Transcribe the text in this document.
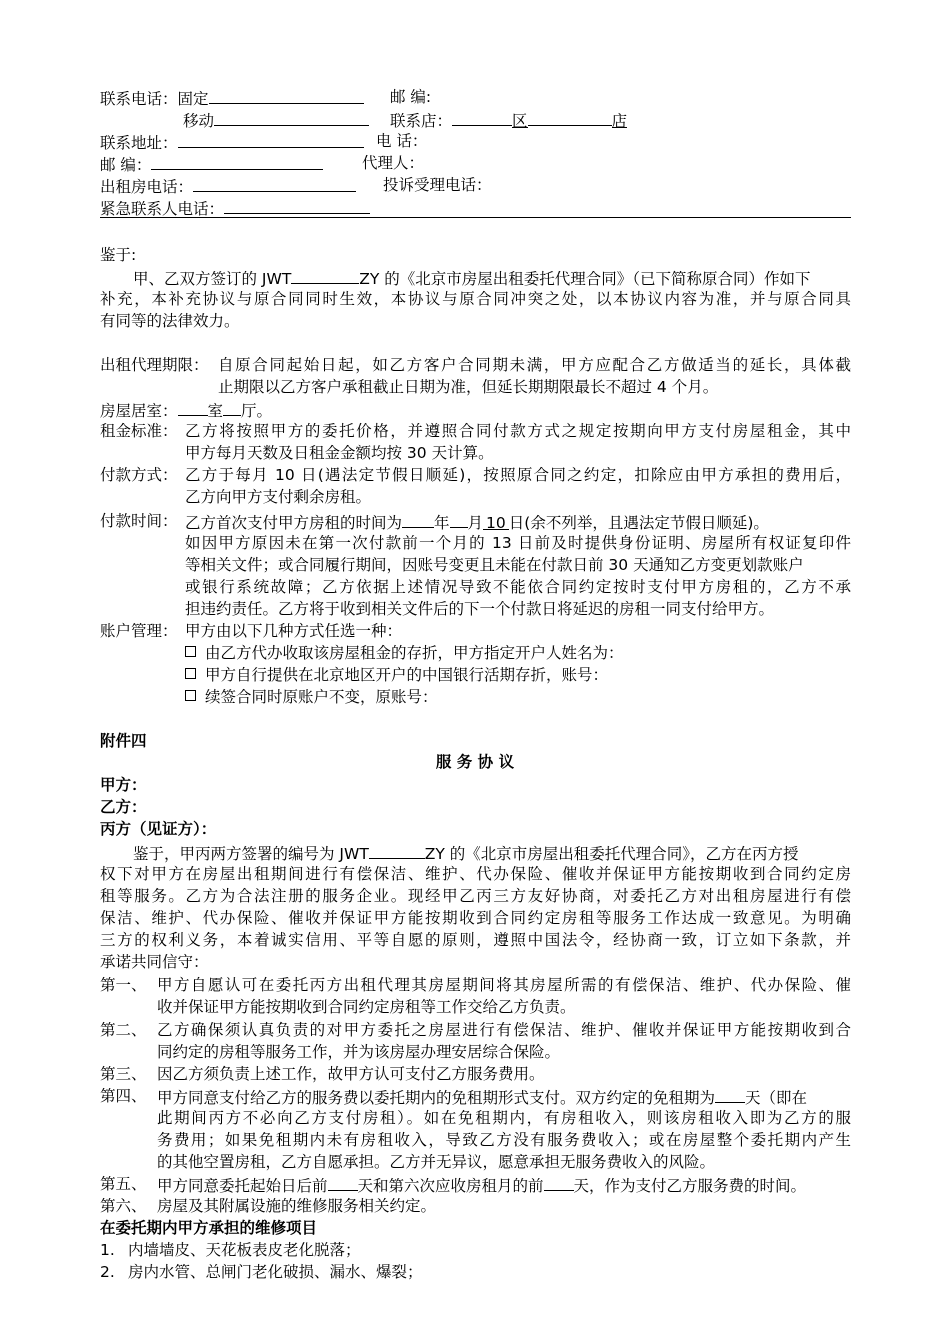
联系电话：固定	邮 编:
移动	联系店：	区	店
联系地址：	电 话：
邮 编：	代理人：
出租房电话：	投诉受理电话：
紧急联系人电话：
鉴于:
甲、乙双方签订的 JWT	ZY 的《北京市房屋出租委托代理合同》（已下简称原合同）作如下
补充，本补充协议与原合同同时生效，本协议与原合同冲突之处，以本协议内容为准，并与原合同具
有同等的法律效力。
出租代理期限： 自原合同起始日起，如乙方客户合同期未满，甲方应配合乙方做适当的延长，具体截
止期限以乙方客户承租截止日期为准，但延长期期限最长不超过 4 个月。
房屋居室： 室 厅。
租金标准： 乙方将按照甲方的委托价格，并遵照合同付款方式之规定按期向甲方支付房屋租金，其中
甲方每月天数及日租金金额均按 30 天计算。
付款方式： 乙方于每月 10 日(遇法定节假日顺延)，按照原合同之约定，扣除应由甲方承担的费用后，
乙方向甲方支付剩余房租。
付款时间： 乙方首次支付甲方房租的时间为 年 月 10 日(余不列举，且遇法定节假日顺延)。
如因甲方原因未在第一次付款前一个月的 13 日前及时提供身份证明、房屋所有权证复印件
等相关文件；或合同履行期间，因账号变更且未能在付款日前 30 天通知乙方变更划款账户
或银行系统故障；乙方依据上述情况导致不能依合同约定按时支付甲方房租的，乙方不承
担违约责任。乙方将于收到相关文件后的下一个付款日将延迟的房租一同支付给甲方。
账户管理： 甲方由以下几种方式任选一种：
由乙方代办收取该房屋租金的存折，甲方指定开户人姓名为：
甲方自行提供在北京地区开户的中国银行活期存折，账号：
续签合同时原账户不变，原账号：
附件四
服 务 协 议
甲方：
乙方：
丙方（见证方）：
鉴于，甲丙两方签署的编号为 JWT	ZY 的《北京市房屋出租委托代理合同》，乙方在丙方授
权下对甲方在房屋出租期间进行有偿保洁、维护、代办保险、催收并保证甲方能按期收到合同约定房
租等服务。乙方为合法注册的服务企业。现经甲乙丙三方友好协商，对委托乙方对出租房屋进行有偿
保洁、维护、代办保险、催收并保证甲方能按期收到合同约定房租等服务工作达成一致意见。为明确
三方的权利义务，本着诚实信用、平等自愿的原则，遵照中国法令，经协商一致，订立如下条款，并
承诺共同信守：
第一、 甲方自愿认可在委托丙方出租代理其房屋期间将其房屋所需的有偿保洁、维护、代办保险、催
收并保证甲方能按期收到合同约定房租等工作交给乙方负责。
第二、 乙方确保须认真负责的对甲方委托之房屋进行有偿保洁、维护、催收并保证甲方能按期收到合
同约定的房租等服务工作，并为该房屋办理安居综合保险。
第三、 因乙方须负责上述工作，故甲方认可支付乙方服务费用。
第四、 甲方同意支付给乙方的服务费以委托期内的免租期形式支付。双方约定的免租期为 天（即在
此期间丙方不必向乙方支付房租）。如在免租期内，有房租收入，则该房租收入即为乙方的服
务费用；如果免租期内未有房租收入，导致乙方没有服务费收入；或在房屋整个委托期内产生
的其他空置房租，乙方自愿承担。乙方并无异议，愿意承担无服务费收入的风险。
第五、 甲方同意委托起始日后前 天和第六次应收房租月的前 天，作为支付乙方服务费的时间。
第六、 房屋及其附属设施的维修服务相关约定。
在委托期内甲方承担的维修项目
1. 内墙墙皮、天花板表皮老化脱落；
2. 房内水管、总闸门老化破损、漏水、爆裂；
